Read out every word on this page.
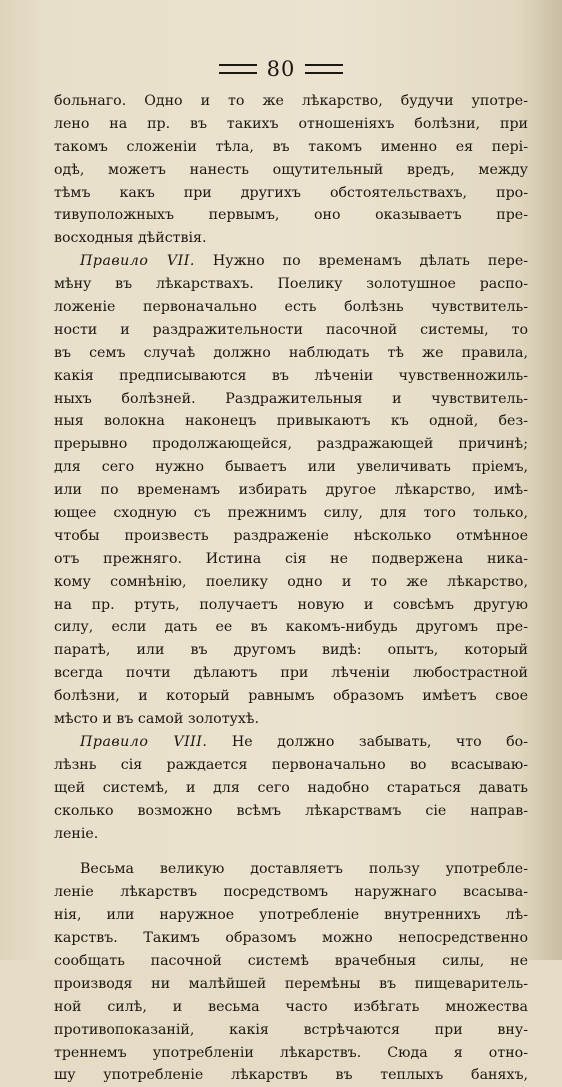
80
больнаго. Одно и то же лѣкарство, будучи употре-
лено на пр. въ такихъ отношеніяхъ болѣзни, при
такомъ сложеніи тѣла, въ такомъ именно ея пері-
одѣ, можетъ нанесть ощутительный вредъ, между
тѣмъ какъ при другихъ обстоятельствахъ, про-
тивуположныхъ первымъ, оно оказываетъ пре-
восходныя дѣйствія.
Правило VII. Нужно по временамъ дѣлать пере-
мѣну въ лѣкарствахъ. Поелику золотушное распо-
ложеніе первоначально есть болѣзнь чувствитель-
ности и раздражительности пасочной системы, то
въ семъ случаѣ должно наблюдать тѣ же правила,
какія предписываются въ лѣченіи чувственножиль-
ныхъ болѣзней. Раздражительныя и чувствитель-
ныя волокна наконецъ привыкаютъ къ одной, без-
прерывно продолжающейся, раздражающей причинѣ;
для сего нужно бываетъ или увеличивать пріемъ,
или по временамъ избирать другое лѣкарство, имѣ-
ющее сходную съ прежнимъ силу, для того только,
чтобы произвесть раздраженіе нѣсколько отмѣнное
отъ прежняго. Истина сія не подвержена ника-
кому сомнѣнію, поелику одно и то же лѣкарство,
на пр. ртуть, получаетъ новую и совсѣмъ другую
силу, если дать ее въ какомъ-нибудь другомъ пре-
паратѣ, или въ другомъ видѣ: опытъ, который
всегда почти дѣлаютъ при лѣченіи любострастной
болѣзни, и который равнымъ образомъ имѣетъ свое
мѣсто и въ самой золотухѣ.
Правило VIII. Не должно забывать, что бо-
лѣзнь сія раждается первоначально во всасываю-
щей системѣ, и для сего надобно стараться давать
сколько возможно всѣмъ лѣкарствамъ сіе направ-
леніе.
Весьма великую доставляетъ пользу употребле-
леніе лѣкарствъ посредствомъ наружнаго всасыва-
нія, или наружное употребленіе внутреннихъ лѣ-
карствъ. Такимъ образомъ можно непосредственно
сообщать пасочной системѣ врачебныя силы, не
производя ни малѣйшей перемѣны въ пищеваритель-
ной силѣ, и весьма часто избѣгать множества
противопоказаній, какія встрѣчаются при вну-
треннемъ употребленіи лѣкарствъ. Сюда я отно-
шу употребленіе лѣкарствъ въ теплыхъ баняхъ,
